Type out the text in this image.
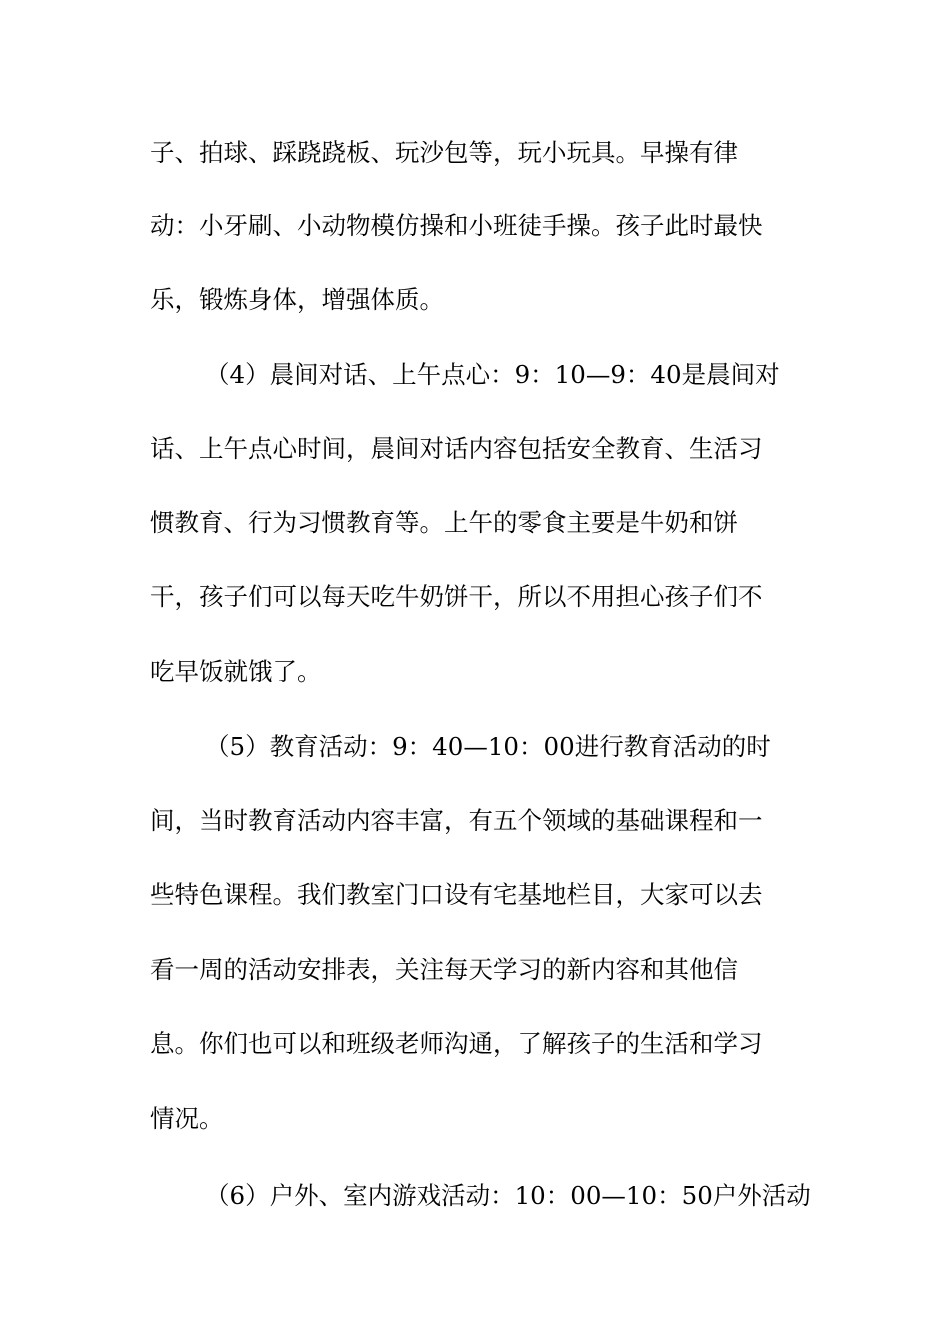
子、拍球、踩跷跷板、玩沙包等，玩小玩具。早操有律

动：小牙刷、小动物模仿操和小班徒手操。孩子此时最快

乐，锻炼身体，增强体质。

（4）晨间对话、上午点心：9：10—9：40是晨间对

话、上午点心时间，晨间对话内容包括安全教育、生活习

惯教育、行为习惯教育等。上午的零食主要是牛奶和饼

干，孩子们可以每天吃牛奶饼干，所以不用担心孩子们不

吃早饭就饿了。

（5）教育活动：9：40—10：00进行教育活动的时

间，当时教育活动内容丰富，有五个领域的基础课程和一

些特色课程。我们教室门口设有宅基地栏目，大家可以去

看一周的活动安排表，关注每天学习的新内容和其他信

息。你们也可以和班级老师沟通，了解孩子的生活和学习

情况。

（6）户外、室内游戏活动：10：00—10：50户外活动
